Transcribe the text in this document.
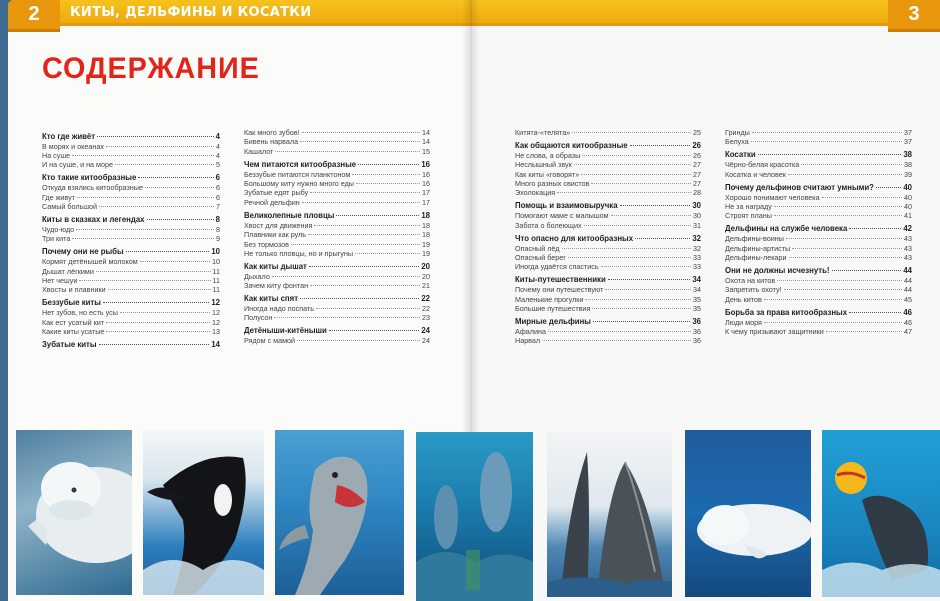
2	КИТЫ, ДЕЛЬФИНЫ И КОСАТКИ
СОДЕРЖАНИЕ
Кто где живёт	4
В морях и океанах	4
На суше	4
И на суше, и на море	5
Кто такие китообразные	6
Откуда взялись китообразные	6
Где живут	6
Самый большой	7
Киты в сказках и легендах	8
Чудо-юдо	8
Три кита	9
Почему они не рыбы	10
Кормят детёнышей молоком	10
Дышат лёгкими	11
Нет чешуи	11
Хвосты и плавники	11
Беззубые киты	12
Нет зубов, но есть усы	12
Как ест усатый кит	12
Какие киты усатые	13
Зубатые киты	14
Как много зубов!	14
Бивень нарвала	14
Кашалот	15
Чем питаются китообразные	16
Беззубые питаются планктоном	16
Большому киту нужно много еды	16
Зубатые едят рыбу	17
Речной дельфин	17
Великолепные пловцы	18
Хвост для движения	18
Плавники как руль	18
Без тормозов	19
Не только пловцы, но и прыгуны	19
Как киты дышат	20
Дыхало	20
Зачем киту фонтан	21
Как киты спят	22
Иногда надо поспать	22
Полусон	23
Детёныши-китёныши	24
Рядом с мамой	24
3
Китята-«телята»	25
Как общаются китообразные	26
Не слова, а образы	26
Неслышный звук	27
Как киты «говорят»	27
Много разных свистов	27
Эхолокация	28
Помощь и взаимовыручка	30
Помогают маме с малышом	30
Забота о болеющих	31
Что опасно для китообразных	32
Опасный лёд	32
Опасный берег	33
Иногда удаётся спастись	33
Киты-путешественники	34
Почему они путешествуют	34
Маленькие прогулки	35
Большие путешествия	35
Мирные дельфины	36
Афалина	36
Нарвал	36
Гринды	37
Белуха	37
Косатки	38
Чёрно-белая красотка	38
Косатка и человек	39
Почему дельфинов считают умными?	40
Хорошо понимают человека	40
Не за награду	40
Строят планы	41
Дельфины на службе человека	42
Дельфины-воины	43
Дельфины-артисты	43
Дельфины-лекари	43
Они не должны исчезнуть!	44
Охота на китов	44
Запретить охоту!	44
День китов	45
Борьба за права китообразных	46
Люди моря	46
К чему призывают защитники	47
